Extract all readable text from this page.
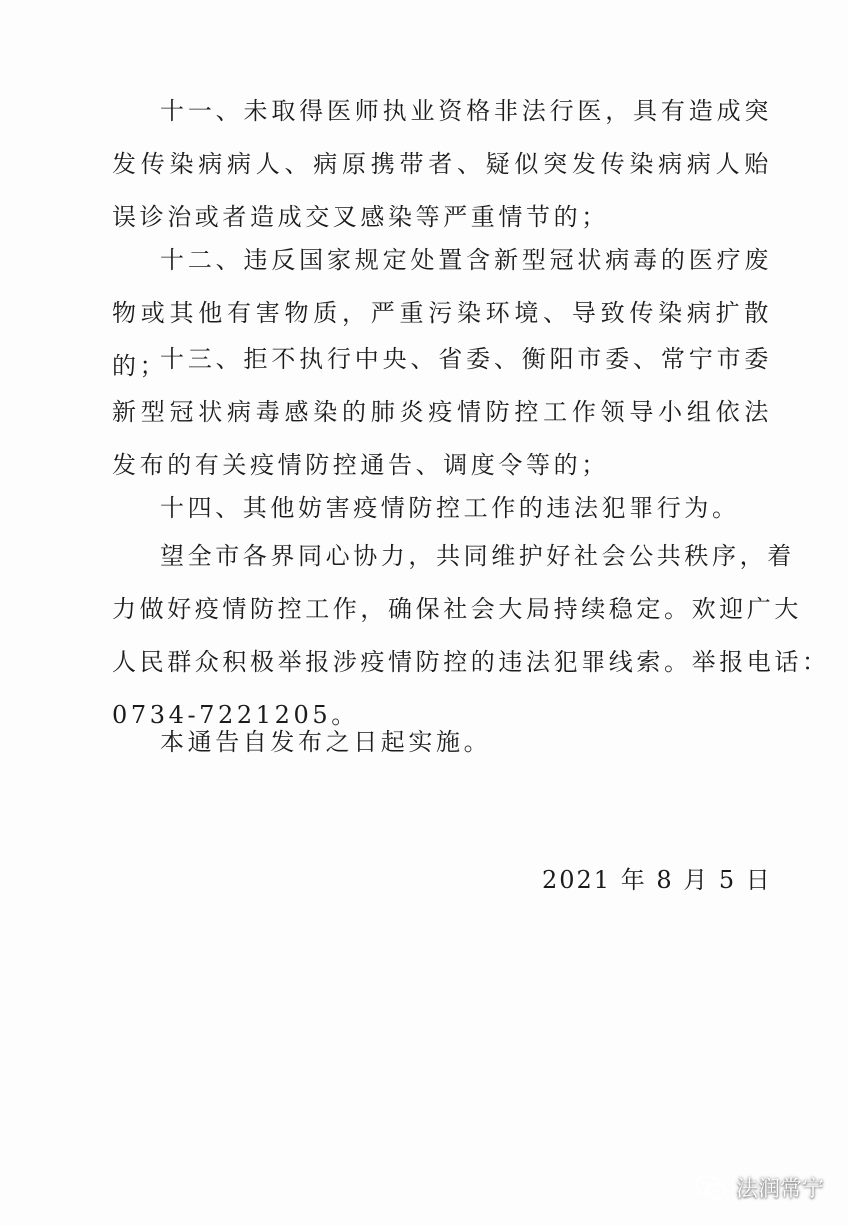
十一、未取得医师执业资格非法行医，具有造成突发传染病病人、病原携带者、疑似突发传染病病人贻误诊治或者造成交叉感染等严重情节的；

十二、违反国家规定处置含新型冠状病毒的医疗废物或其他有害物质，严重污染环境、导致传染病扩散的；

十三、拒不执行中央、省委、衡阳市委、常宁市委新型冠状病毒感染的肺炎疫情防控工作领导小组依法发布的有关疫情防控通告、调度令等的；

十四、其他妨害疫情防控工作的违法犯罪行为。

望全市各界同心协力，共同维护好社会公共秩序，着
力做好疫情防控工作，确保社会大局持续稳定。欢迎广大
人民群众积极举报涉疫情防控的违法犯罪线索。举报电话：
0734-7221205。

本通告自发布之日起实施。

2021 年 8 月 5 日
法润常宁
